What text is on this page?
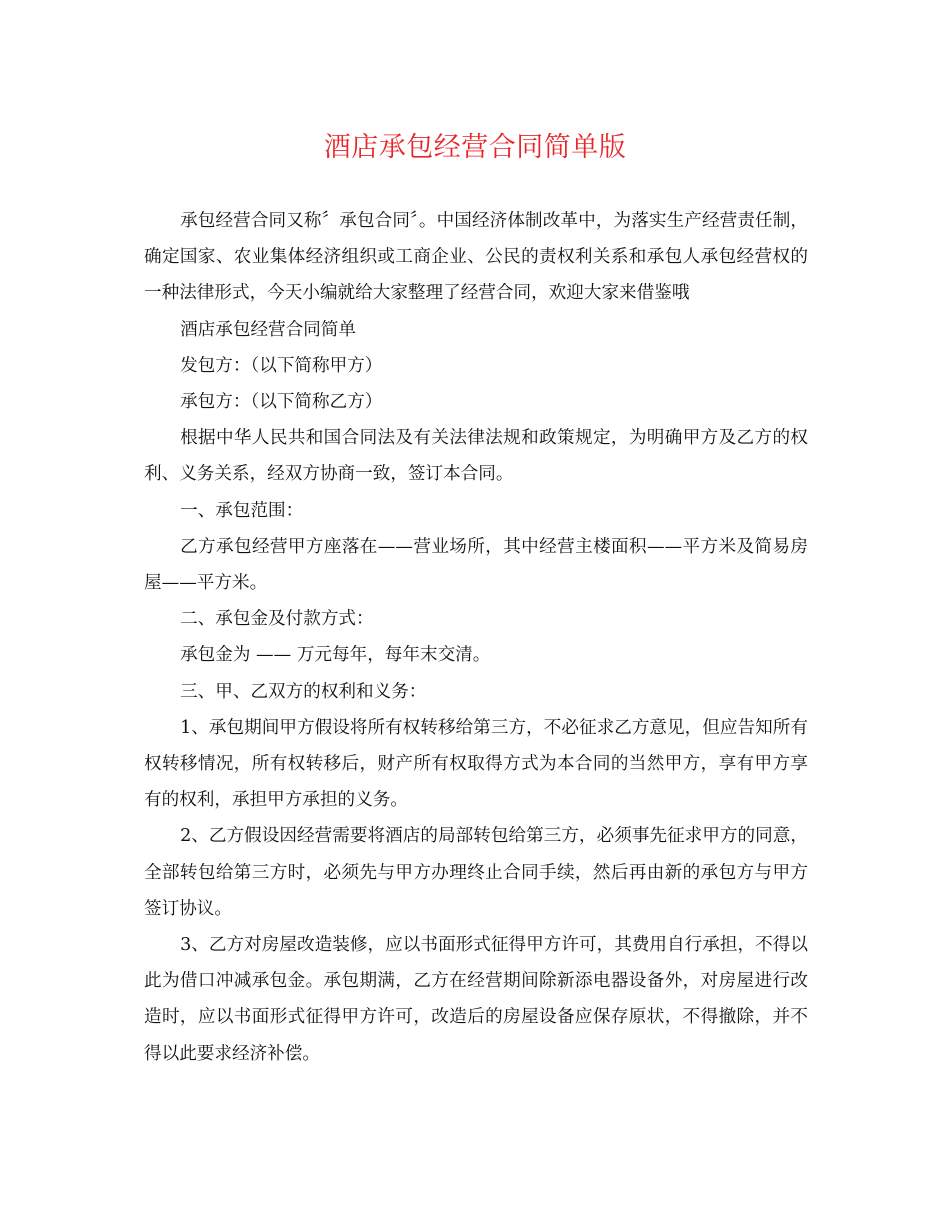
酒店承包经营合同简单版

承包经营合同又称〞承包合同〞。中国经济体制改革中，为落实生产经营责任制，确定国家、农业集体经济组织或工商企业、公民的责权利关系和承包人承包经营权的一种法律形式，今天小编就给大家整理了经营合同，欢迎大家来借鉴哦

酒店承包经营合同简单

发包方：（以下简称甲方）

承包方：（以下简称乙方）

根据中华人民共和国合同法及有关法律法规和政策规定，为明确甲方及乙方的权利、义务关系，经双方协商一致，签订本合同。

一、承包范围：

乙方承包经营甲方座落在——营业场所，其中经营主楼面积——平方米及简易房屋——平方米。

二、承包金及付款方式：

承包金为 —— 万元每年，每年末交清。

三、甲、乙双方的权利和义务：

1、承包期间甲方假设将所有权转移给第三方，不必征求乙方意见，但应告知所有权转移情况，所有权转移后，财产所有权取得方式为本合同的当然甲方，享有甲方享有的权利，承担甲方承担的义务。

2、乙方假设因经营需要将酒店的局部转包给第三方，必须事先征求甲方的同意，全部转包给第三方时，必须先与甲方办理终止合同手续，然后再由新的承包方与甲方签订协议。

3、乙方对房屋改造装修，应以书面形式征得甲方许可，其费用自行承担，不得以此为借口冲减承包金。承包期满，乙方在经营期间除新添电器设备外，对房屋进行改造时，应以书面形式征得甲方许可，改造后的房屋设备应保存原状，不得撤除，并不得以此要求经济补偿。
